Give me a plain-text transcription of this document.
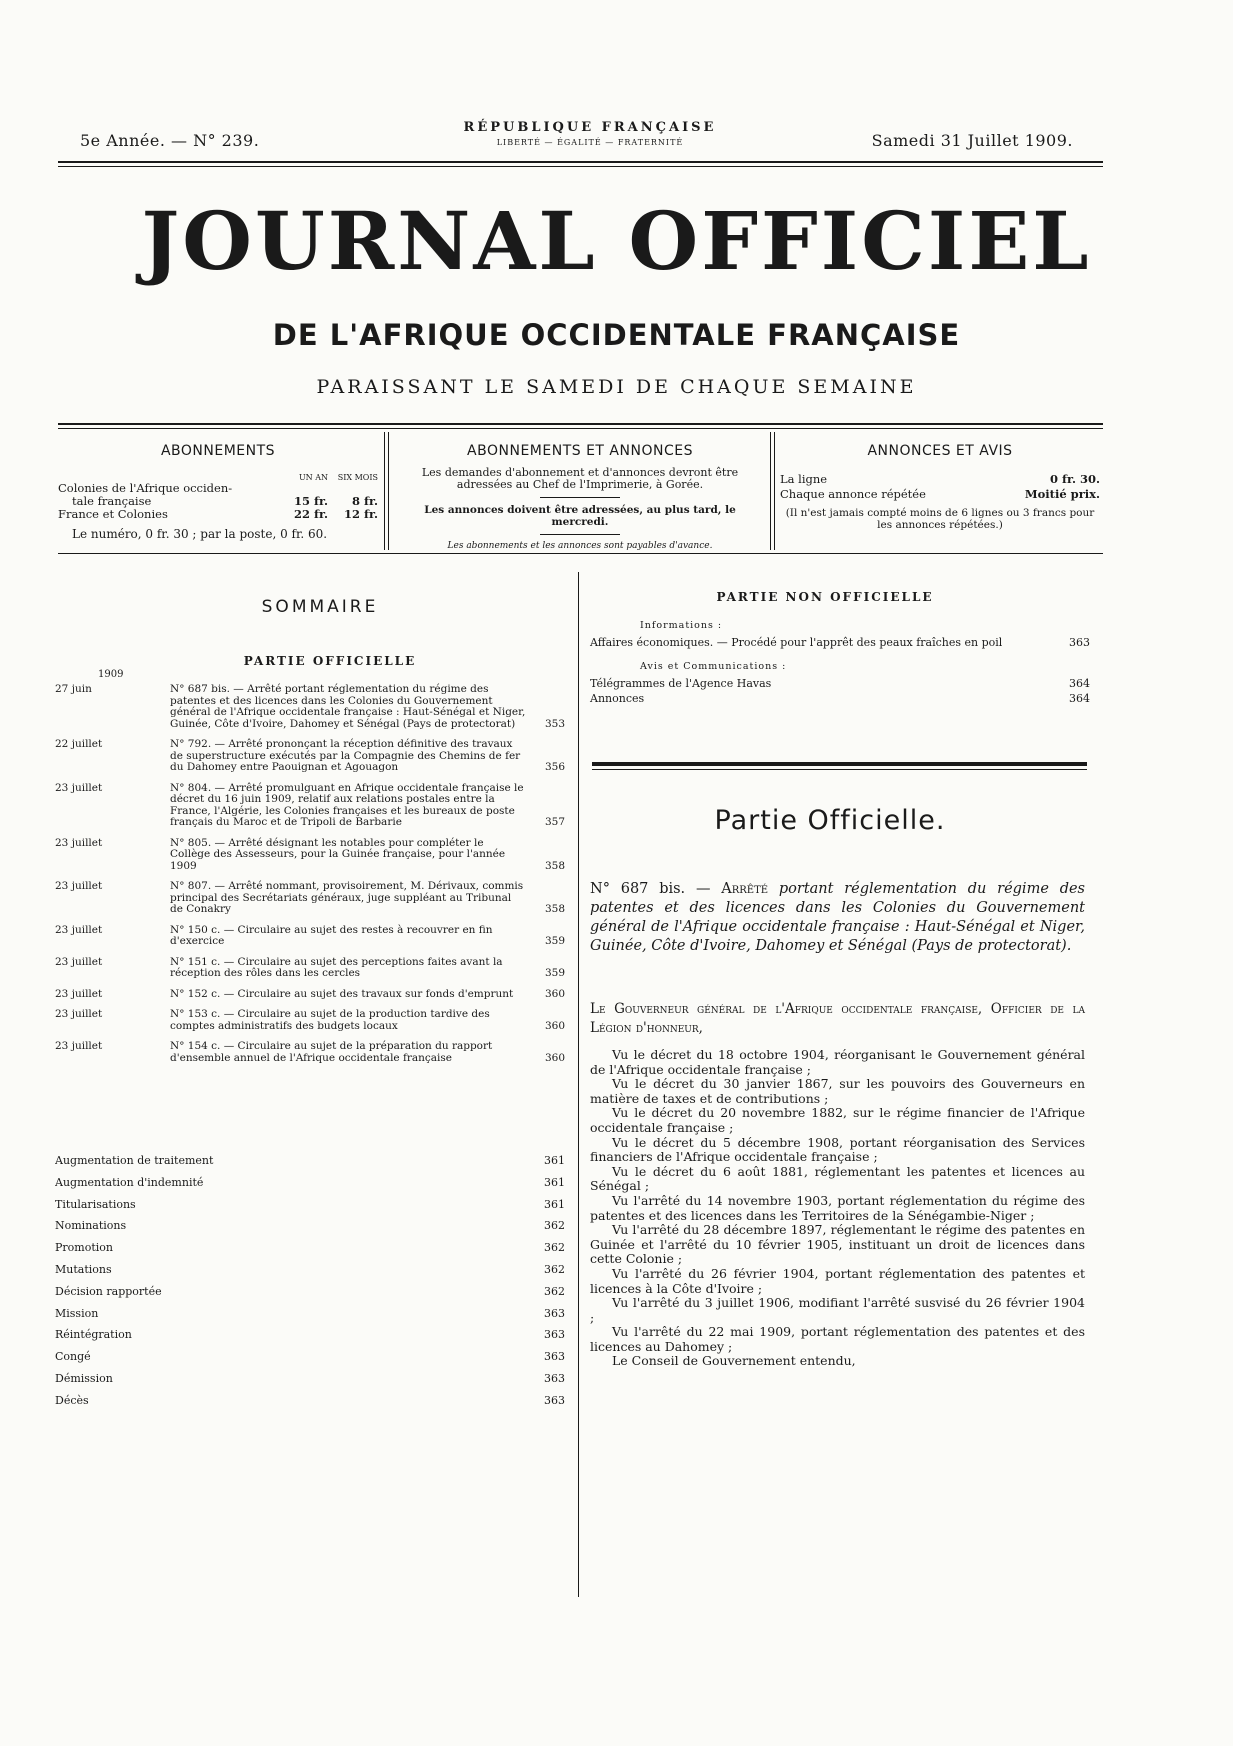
5e Année. — N° 239.
RÉPUBLIQUE FRANÇAISE
LIBERTÉ — ÉGALITÉ — FRATERNITÉ	Samedi 31 Juillet 1909.
JOURNAL OFFICIEL
DE L'AFRIQUE OCCIDENTALE FRANÇAISE
PARAISSANT LE SAMEDI DE CHAQUE SEMAINE
ABONNEMENTS
UN AN	SIX MOIS
Colonies de l'Afrique occiden-
tale française	15 fr.	8 fr.
France et Colonies	22 fr.	12 fr.
Le numéro, 0 fr. 30 ; par la poste, 0 fr. 60.
ABONNEMENTS ET ANNONCES
Les demandes d'abonnement et d'annonces devront être adressées au Chef de l'Imprimerie, à Gorée.
Les annonces doivent être adressées, au plus tard, le mercredi.
Les abonnements et les annonces sont payables d'avance.
ANNONCES ET AVIS
La ligne	0 fr. 30.
Chaque annonce répétée	Moitié prix.
(Il n'est jamais compté moins de 6 lignes ou 3 francs pour les annonces répétées.)
SOMMAIRE
PARTIE OFFICIELLE
1909
27 juin	N° 687 bis. — Arrêté portant réglementation du régime des patentes et des licences dans les Colonies du Gouvernement général de l'Afrique occidentale française : Haut-Sénégal et Niger, Guinée, Côte d'Ivoire, Dahomey et Sénégal (Pays de protectorat)	353
22 juillet	N° 792. — Arrêté prononçant la réception définitive des travaux de superstructure exécutés par la Compagnie des Chemins de fer du Dahomey entre Paouignan et Agouagon	356
23 juillet	N° 804. — Arrêté promulguant en Afrique occidentale française le décret du 16 juin 1909, relatif aux relations postales entre la France, l'Algérie, les Colonies françaises et les bureaux de poste français du Maroc et de Tripoli de Barbarie	357
23 juillet	N° 805. — Arrêté désignant les notables pour compléter le Collège des Assesseurs, pour la Guinée française, pour l'année 1909	358
23 juillet	N° 807. — Arrêté nommant, provisoirement, M. Dérivaux, commis principal des Secrétariats généraux, juge suppléant au Tribunal de Conakry	358
23 juillet	N° 150 c. — Circulaire au sujet des restes à recouvrer en fin d'exercice	359
23 juillet	N° 151 c. — Circulaire au sujet des perceptions faites avant la réception des rôles dans les cercles	359
23 juillet	N° 152 c. — Circulaire au sujet des travaux sur fonds d'emprunt	360
23 juillet	N° 153 c. — Circulaire au sujet de la production tardive des comptes administratifs des budgets locaux	360
23 juillet	N° 154 c. — Circulaire au sujet de la préparation du rapport d'ensemble annuel de l'Afrique occidentale française	360
Augmentation de traitement	361
Augmentation d'indemnité	361
Titularisations	361
Nominations	362
Promotion	362
Mutations	362
Décision rapportée	362
Mission	363
Réintégration	363
Congé	363
Démission	363
Décès	363
PARTIE NON OFFICIELLE
Informations :
Affaires économiques. — Procédé pour l'apprêt des peaux fraîches en poil	363
Avis et Communications :
Télégrammes de l'Agence Havas	364
Annonces	364
Partie Officielle.
N° 687 bis. — Arrêté portant réglementation du régime des patentes et des licences dans les Colonies du Gouvernement général de l'Afrique occidentale française : Haut-Sénégal et Niger, Guinée, Côte d'Ivoire, Dahomey et Sénégal (Pays de protectorat).
Le Gouverneur général de l'Afrique occidentale française, Officier de la Légion d'honneur,

Vu le décret du 18 octobre 1904, réorganisant le Gouvernement général de l'Afrique occidentale française ;

Vu le décret du 30 janvier 1867, sur les pouvoirs des Gouverneurs en matière de taxes et de contributions ;

Vu le décret du 20 novembre 1882, sur le régime financier de l'Afrique occidentale française ;

Vu le décret du 5 décembre 1908, portant réorganisation des Services financiers de l'Afrique occidentale française ;

Vu le décret du 6 août 1881, réglementant les patentes et licences au Sénégal ;

Vu l'arrêté du 14 novembre 1903, portant réglementation du régime des patentes et des licences dans les Territoires de la Sénégambie-Niger ;

Vu l'arrêté du 28 décembre 1897, réglementant le régime des patentes en Guinée et l'arrêté du 10 février 1905, instituant un droit de licences dans cette Colonie ;

Vu l'arrêté du 26 février 1904, portant réglementation des patentes et licences à la Côte d'Ivoire ;

Vu l'arrêté du 3 juillet 1906, modifiant l'arrêté susvisé du 26 février 1904 ;

Vu l'arrêté du 22 mai 1909, portant réglementation des patentes et des licences au Dahomey ;

Le Conseil de Gouvernement entendu,
